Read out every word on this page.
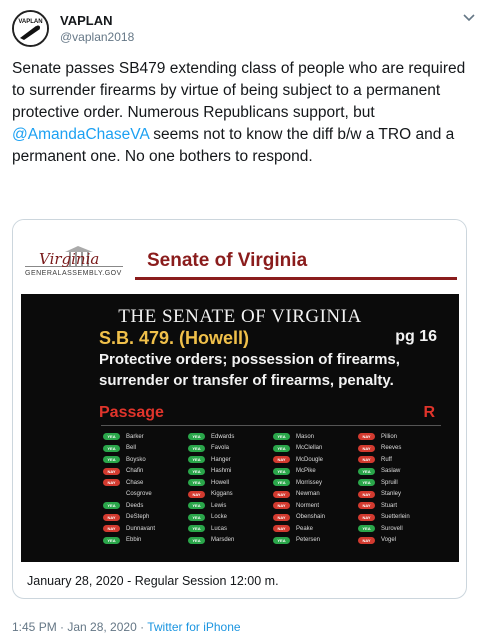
VAPLAN VAPLAN
@vaplan2018
Senate passes SB479 extending class of people who are required to surrender firearms by virtue of being subject to a permanent protective order. Numerous Republicans support, but @AmandaChaseVA seems not to know the diff b/w a TRO and a permanent one. No one bothers to respond.
Virginia
GENERALASSEMBLY.GOV
Senate of Virginia
THE SENATE OF VIRGINIA
S.B. 479. (Howell)	pg 16
Protective orders; possession of firearms,
surrender or transfer of firearms, penalty.
Passage	R
YEA	Barker
YEA	Bell
YEA	Boysko
NAY	Chafin
NAY	Chase
Cosgrove
YEA	Deeds
NAY	DeSteph
NAY	Dunnavant
YEA	Ebbin
YEA	Edwards
YEA	Favola
YEA	Hanger
YEA	Hashmi
YEA	Howell
NAY	Kiggans
YEA	Lewis
YEA	Locke
YEA	Lucas
YEA	Marsden
YEA	Mason
YEA	McClellan
NAY	McDougle
YEA	McPike
YEA	Morrissey
NAY	Newman
NAY	Norment
NAY	Obenshain
NAY	Peake
YEA	Petersen
NAY	Pillion
NAY	Reeves
NAY	Ruff
YEA	Saslaw
YEA	Spruill
NAY	Stanley
NAY	Stuart
NAY	Suetterlein
YEA	Surovell
NAY	Vogel
January 28, 2020 - Regular Session 12:00 m.
1:45 PM · Jan 28, 2020 · Twitter for iPhone
